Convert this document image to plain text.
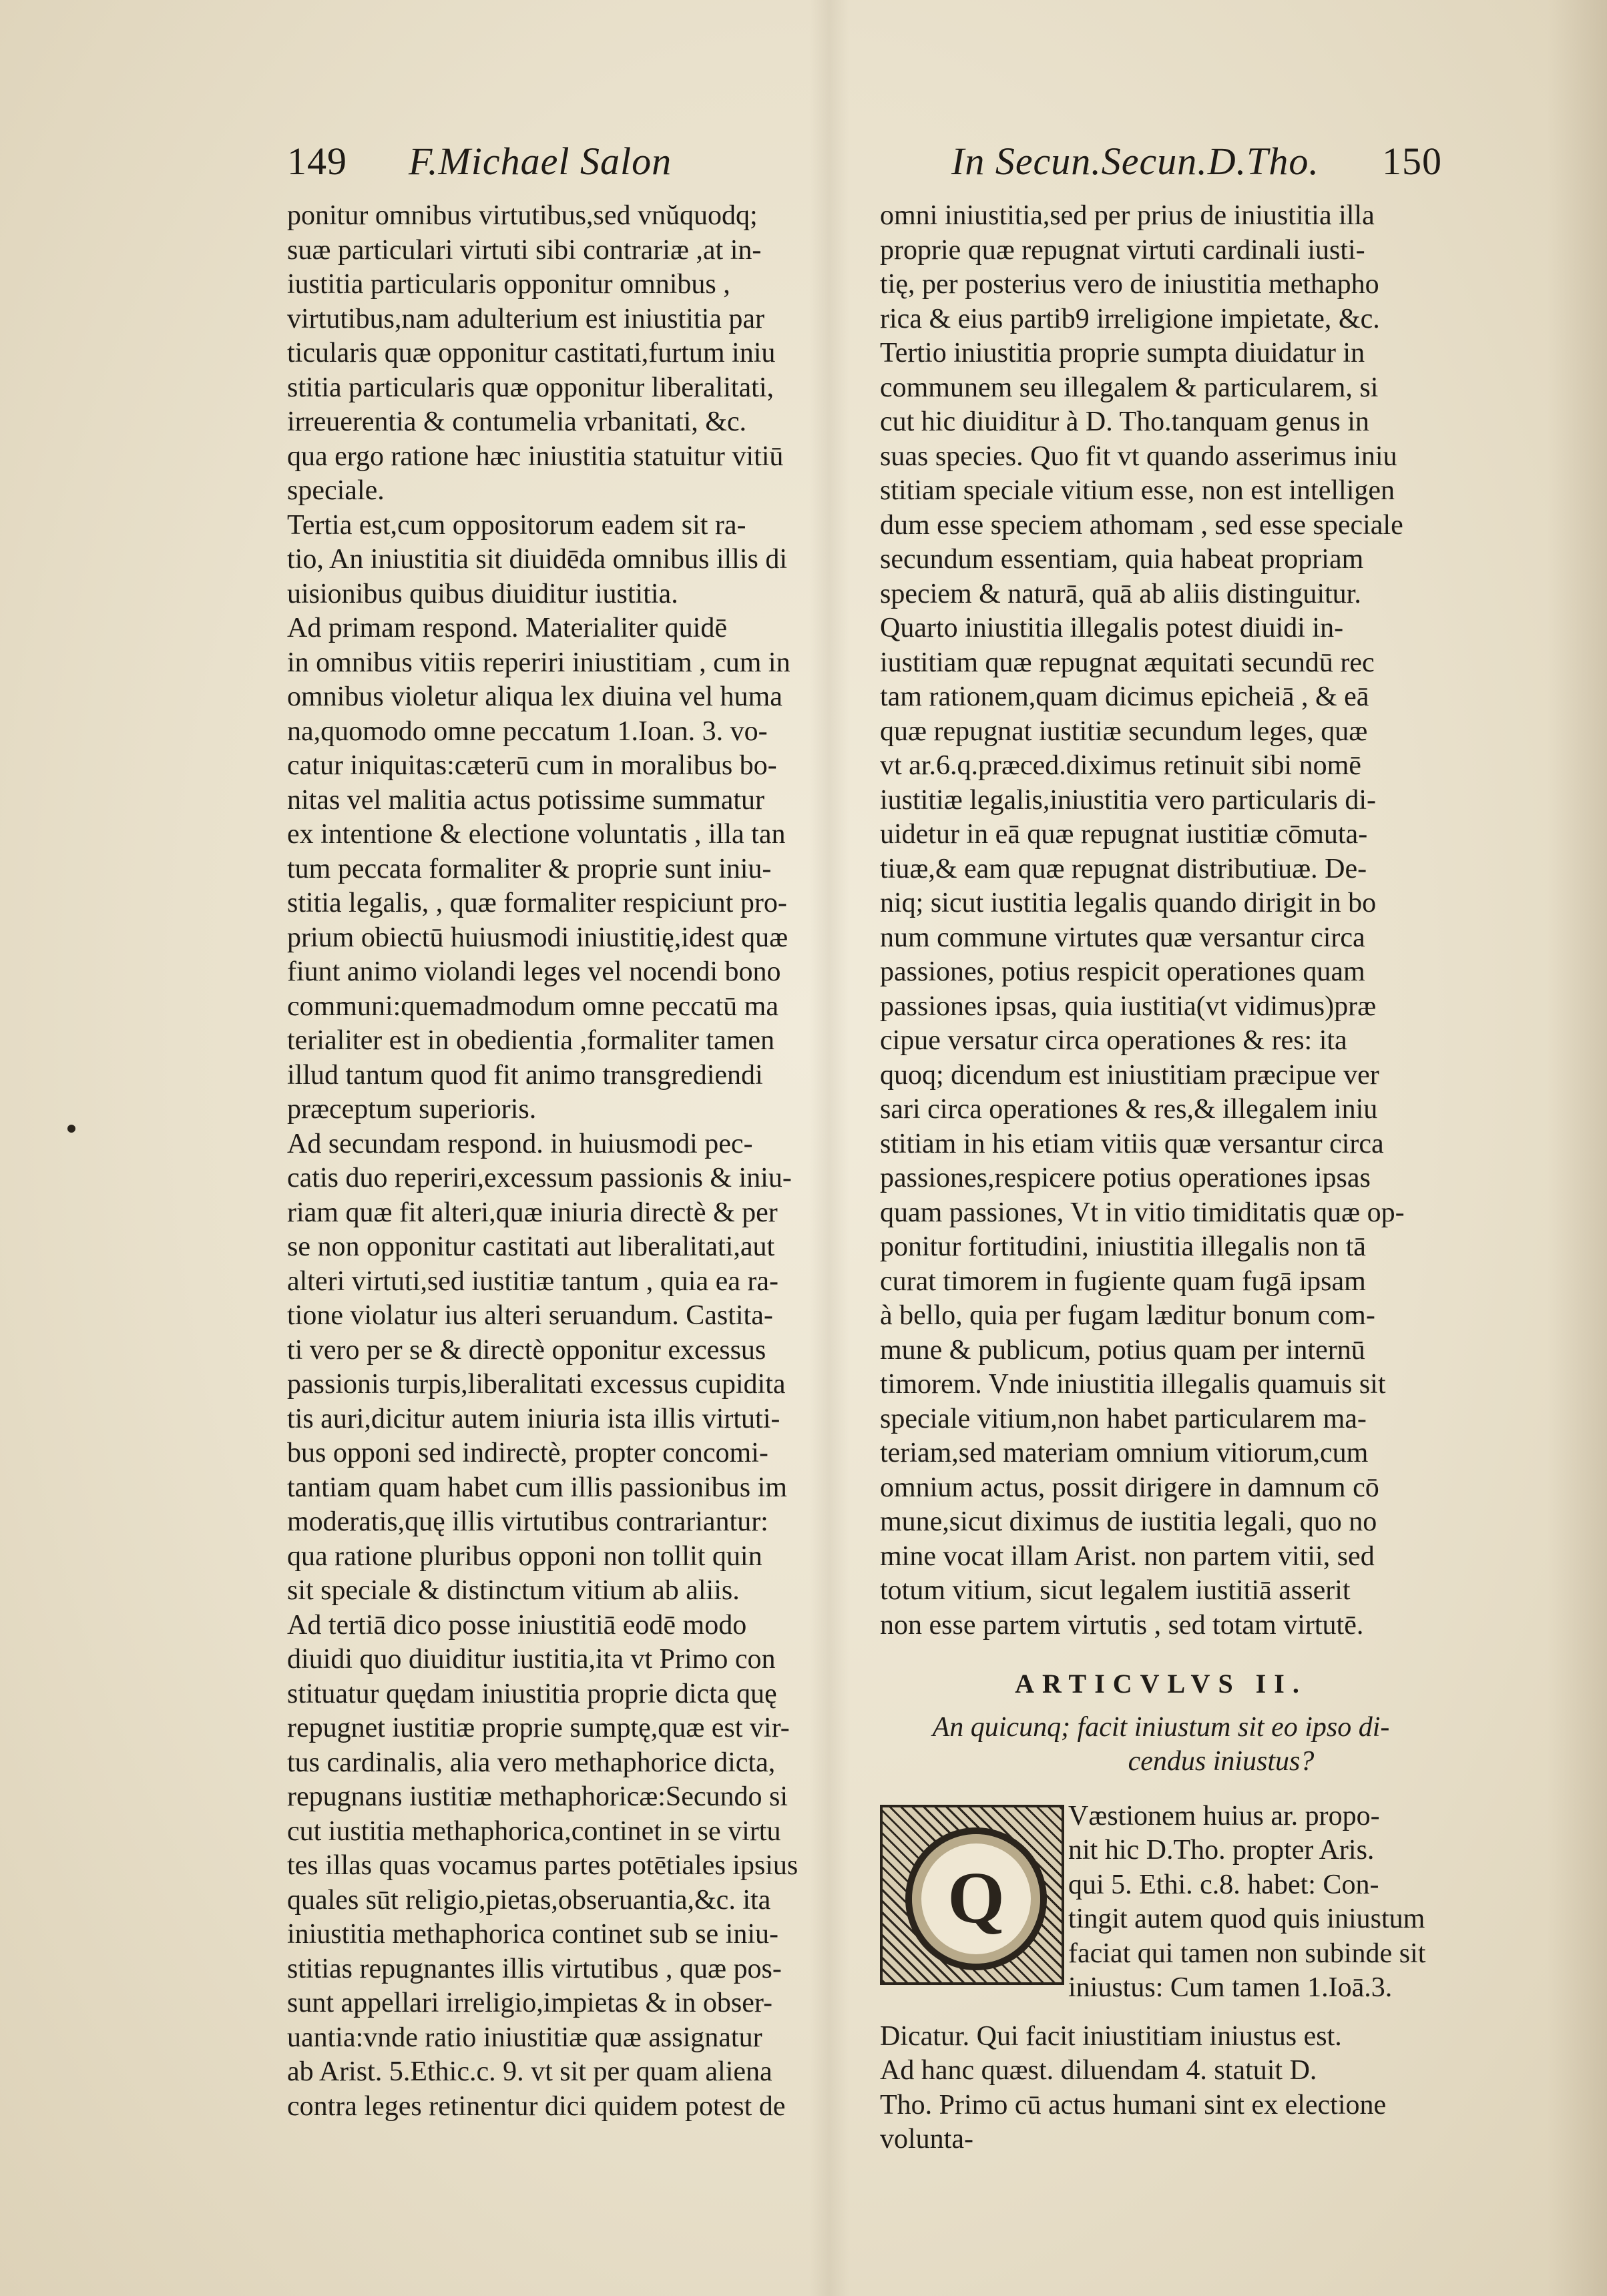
149 F.Michael Salon	In Secun.Secun.D.Tho. 150
ponitur omnibus virtutibus,sed vnŭquodq;
suæ particulari virtuti sibi contrariæ ,at in-
iustitia particularis opponitur omnibus ,
virtutibus,nam adulterium est iniustitia par
ticularis quæ opponitur castitati,furtum iniu
stitia particularis quæ opponitur liberalitati,
irreuerentia & contumelia vrbanitati, &c.
qua ergo ratione hæc iniustitia statuitur vitiū
speciale.
Tertia est,cum oppositorum eadem sit ra-
tio, An iniustitia sit diuidēda omnibus illis di
uisionibus quibus diuiditur iustitia.
Ad primam respond. Materialiter quidē
in omnibus vitiis reperiri iniustitiam , cum in
omnibus violetur aliqua lex diuina vel huma
na,quomodo omne peccatum 1.Ioan. 3. vo-
catur iniquitas:cæterū cum in moralibus bo-
nitas vel malitia actus potissime summatur
ex intentione & electione voluntatis , illa tan
tum peccata formaliter & proprie sunt iniu-
stitia legalis, , quæ formaliter respiciunt pro-
prium obiectū huiusmodi iniustitię,idest quæ
fiunt animo violandi leges vel nocendi bono
communi:quemadmodum omne peccatū ma
terialiter est in obedientia ,formaliter tamen
illud tantum quod fit animo transgrediendi
præceptum superioris.
Ad secundam respond. in huiusmodi pec-
catis duo reperiri,excessum passionis & iniu-
riam quæ fit alteri,quæ iniuria directè & per
se non opponitur castitati aut liberalitati,aut
alteri virtuti,sed iustitiæ tantum , quia ea ra-
tione violatur ius alteri seruandum. Castita-
ti vero per se & directè opponitur excessus
passionis turpis,liberalitati excessus cupidita
tis auri,dicitur autem iniuria ista illis virtuti-
bus opponi sed indirectè, propter concomi-
tantiam quam habet cum illis passionibus im
moderatis,quę illis virtutibus contrariantur:
qua ratione pluribus opponi non tollit quin
sit speciale & distinctum vitium ab aliis.
Ad tertiā dico posse iniustitiā eodē modo
diuidi quo diuiditur iustitia,ita vt Primo con
stituatur quędam iniustitia proprie dicta quę
repugnet iustitiæ proprie sumptę,quæ est vir-
tus cardinalis, alia vero methaphorice dicta,
repugnans iustitiæ methaphoricæ:Secundo si
cut iustitia methaphorica,continet in se virtu
tes illas quas vocamus partes potētiales ipsius
quales sūt religio,pietas,obseruantia,&c. ita
iniustitia methaphorica continet sub se iniu-
stitias repugnantes illis virtutibus , quæ pos-
sunt appellari irreligio,impietas & in obser-
uantia:vnde ratio iniustitiæ quæ assignatur
ab Arist. 5.Ethic.c. 9. vt sit per quam aliena
contra leges retinentur dici quidem potest de
omni iniustitia,sed per prius de iniustitia illa
proprie quæ repugnat virtuti cardinali iusti-
tię, per posterius vero de iniustitia methapho
rica & eius partib9 irreligione impietate, &c.
Tertio iniustitia proprie sumpta diuidatur in
communem seu illegalem & particularem, si
cut hic diuiditur à D. Tho.tanquam genus in
suas species. Quo fit vt quando asserimus iniu
stitiam speciale vitium esse, non est intelligen
dum esse speciem athomam , sed esse speciale
secundum essentiam, quia habeat propriam
speciem & naturā, quā ab aliis distinguitur.
Quarto iniustitia illegalis potest diuidi in-
iustitiam quæ repugnat æquitati secundū rec
tam rationem,quam dicimus epicheiā , & eā
quæ repugnat iustitiæ secundum leges, quæ
vt ar.6.q.præced.diximus retinuit sibi nomē
iustitiæ legalis,iniustitia vero particularis di-
uidetur in eā quæ repugnat iustitiæ cōmuta-
tiuæ,& eam quæ repugnat distributiuæ. De-
niq; sicut iustitia legalis quando dirigit in bo
num commune virtutes quæ versantur circa
passiones, potius respicit operationes quam
passiones ipsas, quia iustitia(vt vidimus)præ
cipue versatur circa operationes & res: ita
quoq; dicendum est iniustitiam præcipue ver
sari circa operationes & res,& illegalem iniu
stitiam in his etiam vitiis quæ versantur circa
passiones,respicere potius operationes ipsas
quam passiones, Vt in vitio timiditatis quæ op-
ponitur fortitudini, iniustitia illegalis non tā
curat timorem in fugiente quam fugā ipsam
à bello, quia per fugam læditur bonum com-
mune & publicum, potius quam per internū
timorem. Vnde iniustitia illegalis quamuis sit
speciale vitium,non habet particularem ma-
teriam,sed materiam omnium vitiorum,cum
omnium actus, possit dirigere in damnum cō
mune,sicut diximus de iustitia legali, quo no
mine vocat illam Arist. non partem vitii, sed
totum vitium, sicut legalem iustitiā asserit
non esse partem virtutis , sed totam virtutē.
ARTICVLVS II.
An quicunq; facit iniustum sit eo ipso di-
cendus iniustus?
Q
Væstionem huius ar. propo-
nit hic D.Tho. propter Aris.
qui 5. Ethi. c.8. habet: Con-
tingit autem quod quis iniustum
faciat qui tamen non subinde sit
iniustus: Cum tamen 1.Ioā.3.
Dicatur. Qui facit iniustitiam iniustus est.
Ad hanc quæst. diluendam 4. statuit D.
Tho. Primo cū actus humani sint ex electione
volunta-
